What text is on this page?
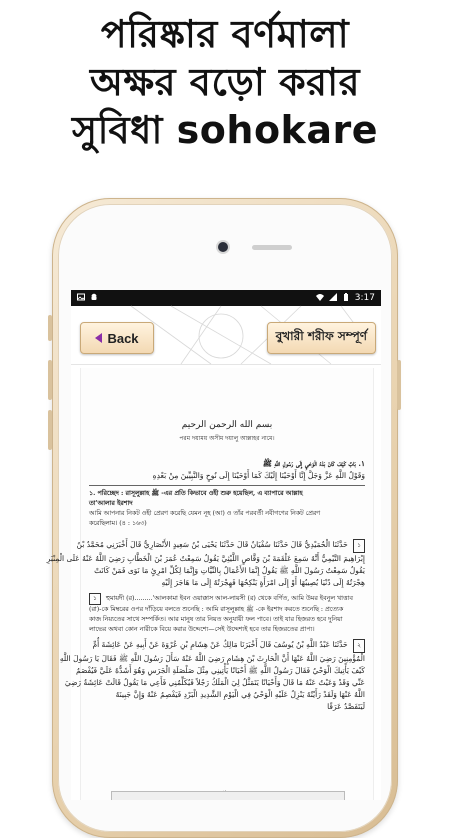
পরিষ্কার বর্ণমালা
অক্ষর বড়ো করার
সুবিধা sohokare
3:17
Back	বুখারী শরীফ সম্পূর্ণ
بسم الله الرحمن الرحيم
পরম দয়াময় অসীম দয়ালু আল্লাহর নামে।
١. بَابٌ كَيْفَ كَانَ بَدْءُ الْوَحْيِ إِلَى رَسُولِ اللَّهِ ﷺ
وَقَوْلُ اللَّهِ عَزَّ وَجَلَّ إِنَّا أَوْحَيْنَا إِلَيْكَ كَمَا أَوْحَيْنَا إِلَى نُوحٍ وَالنَّبِيِّينَ مِنْ بَعْدِهِ
১. পরিচ্ছেদ : রাসূলুল্লাহ ﷺ -এর প্রতি কিভাবে ওহী শুরু হয়েছিল, এ ব্যাপারে আল্লাহ
তা'আলার ইরশাদ
আমি আপনার নিকট ওহী প্রেরণ করেছি যেমন নূহ (আ) ও তাঁর পরবর্তী নবীগণের নিকট প্রেরণ
করেছিলাম। (৪ : ১৬৩)
১ حَدَّثَنَا الْحُمَيْدِيُّ قَالَ حَدَّثَنَا سُفْيَانُ قَالَ حَدَّثَنَا يَحْيَى بْنُ سَعِيدٍ الأَنْصَارِيُّ قَالَ أَخْبَرَنِي مُحَمَّدُ بْنُ
إِبْرَاهِيمَ التَّيْمِيُّ أَنَّهُ سَمِعَ عَلْقَمَةَ بْنَ وَقَّاصٍ اللَّيْثِيَّ يَقُولُ سَمِعْتُ عُمَرَ بْنَ الْخَطَّابِ رَضِيَ اللَّهُ عَنْهُ عَلَى الْمِنْبَرِ
يَقُولُ سَمِعْتُ رَسُولَ اللَّهِ ﷺ يَقُولُ إِنَّمَا الأَعْمَالُ بِالنِّيَّاتِ وَإِنَّمَا لِكُلِّ امْرِئٍ مَا نَوَى فَمَنْ كَانَتْ
هِجْرَتُهُ إِلَى دُنْيَا يُصِيبُهَا أَوْ إِلَى امْرَأَةٍ يَنْكِحُهَا فَهِجْرَتُهُ إِلَى مَا هَاجَرَ إِلَيْهِ
১ হুমায়দী (র).........'আলকামা ইবন ওয়াক্কাস আল-লায়সী (র) থেকে বর্ণিত, আমি উমর ইবনুল খাত্তাব
(রা)-কে মিম্বরের ওপর দাঁড়িয়ে বলতে শুনেছি : আমি রাসূলুল্লাহ ﷺ -কে ইরশাদ করতে শুনেছি : প্রত্যেক
কাজ নিয়্যতের সাথে সম্পর্কিত। আর মানুষ তার নিয়ত অনুযায়ী ফল পাবে। তাই যার হিজরত হবে দুনিয়া
লাভের অথবা কোন নারীকে বিয়ে করার উদ্দেশ্যে—সেই উদ্দেশ্যই হবে তার হিজরতের প্রাপ্য।
২ حَدَّثَنَا عَبْدُ اللَّهِ بْنُ يُوسُفَ قَالَ أَخْبَرَنَا مَالِكٌ عَنْ هِشَامِ بْنِ عُرْوَةَ عَنْ أَبِيهِ عَنْ عَائِشَةَ أُمِّ
الْمُؤْمِنِينَ رَضِيَ اللَّهُ عَنْهَا أَنَّ الْحَارِثَ بْنَ هِشَامٍ رَضِيَ اللَّهُ عَنْهُ سَأَلَ رَسُولَ اللَّهِ ﷺ فَقَالَ يَا رَسُولَ اللَّهِ
كَيْفَ يَأْتِيكَ الْوَحْيُ فَقَالَ رَسُولُ اللَّهِ ﷺ أَحْيَانًا يَأْتِينِي مِثْلَ صَلْصَلَةِ الْجَرَسِ وَهُوَ أَشَدُّهُ عَلَيَّ فَيُفْصَمُ
عَنِّي وَقَدْ وَعَيْتُ عَنْهُ مَا قَالَ وَأَحْيَانًا يَتَمَثَّلُ لِيَ الْمَلَكُ رَجُلاً فَيُكَلِّمُنِي فَأَعِي مَا يَقُولُ قَالَتْ عَائِشَةُ رَضِيَ
اللَّهُ عَنْهَا وَلَقَدْ رَأَيْتُهُ يَنْزِلُ عَلَيْهِ الْوَحْيُ فِي الْيَوْمِ الشَّدِيدِ الْبَرْدِ فَيَفْصِمُ عَنْهُ وَإِنَّ جَبِينَهُ
لَيَتَفَصَّدُ عَرَقًا
